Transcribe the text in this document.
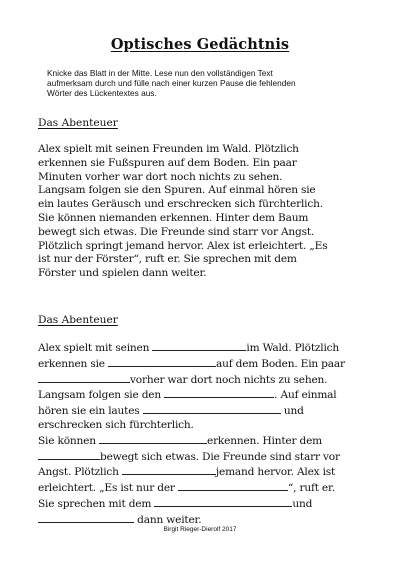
Optisches Gedächtnis
Knicke das Blatt in der Mitte. Lese nun den vollständigen Text
aufmerksam durch und fülle nach einer kurzen Pause die fehlenden
Wörter des Lückentextes aus.
Das Abenteuer
Alex spielt mit seinen Freunden im Wald. Plötzlich
erkennen sie Fußspuren auf dem Boden. Ein paar
Minuten vorher war dort noch nichts zu sehen.
Langsam folgen sie den Spuren. Auf einmal hören sie
ein lautes Geräusch und erschrecken sich fürchterlich.
Sie können niemanden erkennen. Hinter dem Baum
bewegt sich etwas. Die Freunde sind starr vor Angst.
Plötzlich springt jemand hervor. Alex ist erleichtert. „Es
ist nur der Förster“, ruft er. Sie sprechen mit dem
Förster und spielen dann weiter.
Das Abenteuer
Alex spielt mit seinen	im Wald. Plötzlich
erkennen sie	auf dem Boden. Ein paar
vorher war dort noch nichts zu sehen.
Langsam folgen sie den	. Auf einmal
hören sie ein lautes	und
erschrecken sich fürchterlich.
Sie können	erkennen. Hinter dem
bewegt sich etwas. Die Freunde sind starr vor
Angst. Plötzlich	jemand hervor. Alex ist
erleichtert. „Es ist nur der	“, ruft er.
Sie sprechen mit dem	und
dann weiter.
Birgit Rieger-Dierolf 2017
